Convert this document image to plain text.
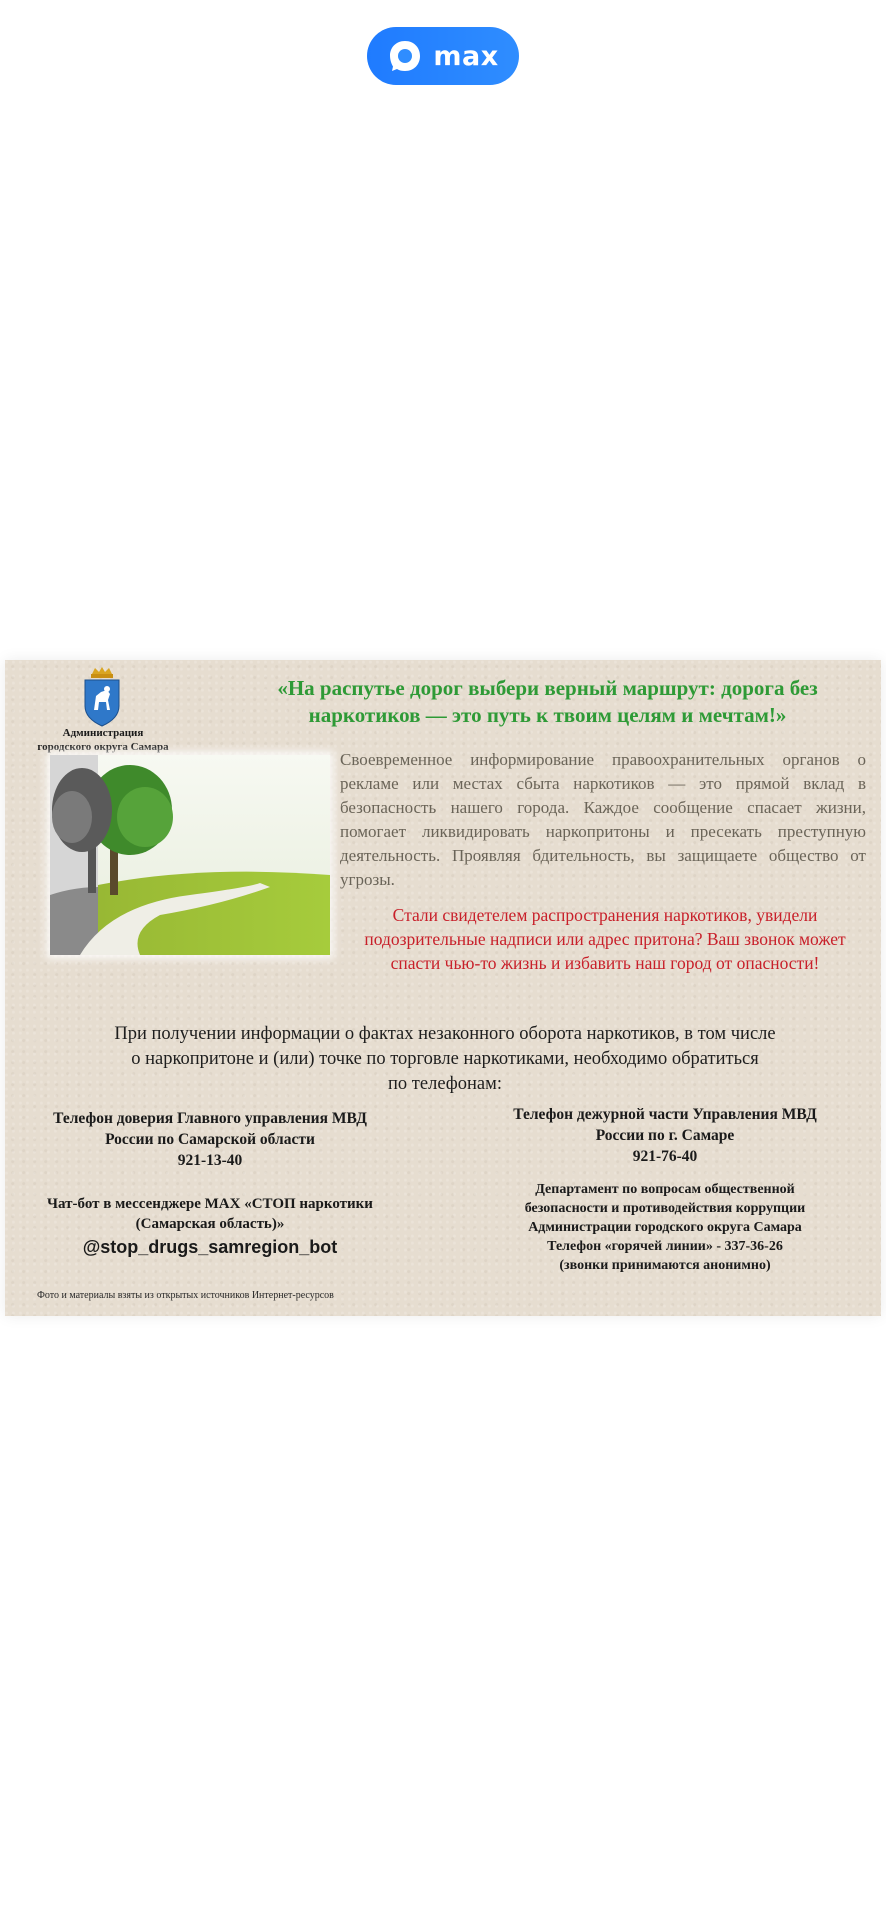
max
Администрация
городского округа Самара
«На распутье дорог выбери верный маршрут: дорога без
наркотиков — это путь к твоим целям и мечтам!»
Своевременное информирование правоохранительных органов о рекламе или местах сбыта наркотиков — это прямой вклад в безопасность нашего города. Каждое сообщение спасает жизни, помогает ликвидировать наркопритоны и пресекать преступную деятельность. Проявляя бдительность, вы защищаете общество от угрозы.
Стали свидетелем распространения наркотиков, увидели подозрительные надписи или адрес притона? Ваш звонок может спасти чью-то жизнь и избавить наш город от опасности!
При получении информации о фактах незаконного оборота наркотиков, в том числе
о наркопритоне и (или) точке по торговле наркотиками, необходимо обратиться
по телефонам:
Телефон доверия Главного управления МВД
России по Самарской области
921-13-40
Телефон дежурной части Управления МВД
России по г. Самаре
921-76-40
Чат-бот в мессенджере MAX «СТОП наркотики
(Самарская область)»
@stop_drugs_samregion_bot
Департамент по вопросам общественной
безопасности и противодействия коррупции
Администрации городского округа Самара
Телефон «горячей линии» - 337-36-26
(звонки принимаются анонимно)
Фото и материалы взяты из открытых источников Интернет-ресурсов
